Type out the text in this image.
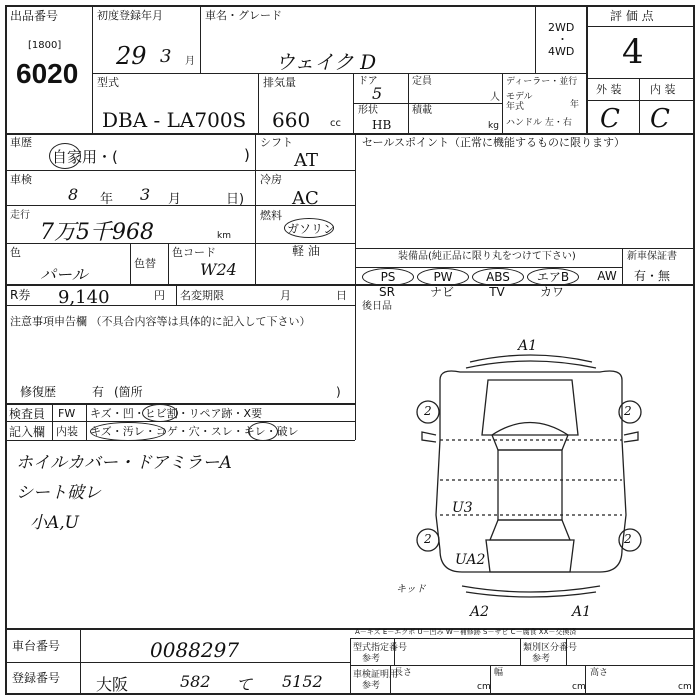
出品番号
[1800]
6020
初度登録年月
29 3 月
車名・グレード
ウェイク D
2WD
・
4WD
評 価 点
4
外 装	内 装
C C
型式
DBA - LA700S
排気量
660 cc
ドア
5
定員
人
形状
HB
積載
kg
ディーラー・並行
モデル
年式	年
ハンドル 左・右
車歴
自家用・(	)
シフト
AT
セールスポイント（正常に機能するものに限ります）
車検
8 年 3 月	日)
冷房
AC
走行
7万5千968	km
燃料
ガソリン
軽 油
色
パール
色替
色コード
W24
R券 9,140	円 名変期限	月	日
注意事項申告欄 （不具合内容等は具体的に記入して下さい）
修復歴	有 (箇所	)
装備品(純正品に限り丸をつけて下さい)	新車保証書
有・無
PS	PW	ABS	エアB	AW
SR	ナビ	TV	カワ
後日品
検査員
記入欄
FW キズ・凹・ヒビ割・リペア跡・X要
内装 キズ・汚レ・コゲ・穴・スレ・キレ・破レ
ホイルカバー・ドアミラーA
シート破レ
小A,U
A1
2	2
2	2
U3
UA2
A2	A1
キッド
A－キズ E－エクボ U－凹み W－補修跡 S－サビ C－腐食 XX－交換済
車台番号	0088297
登録番号 大阪	582 て 5152
型式指定番号
参考
類別区分番号
参考
車検証明用
参考
長さ	幅	高さ
cm	cm	cm
